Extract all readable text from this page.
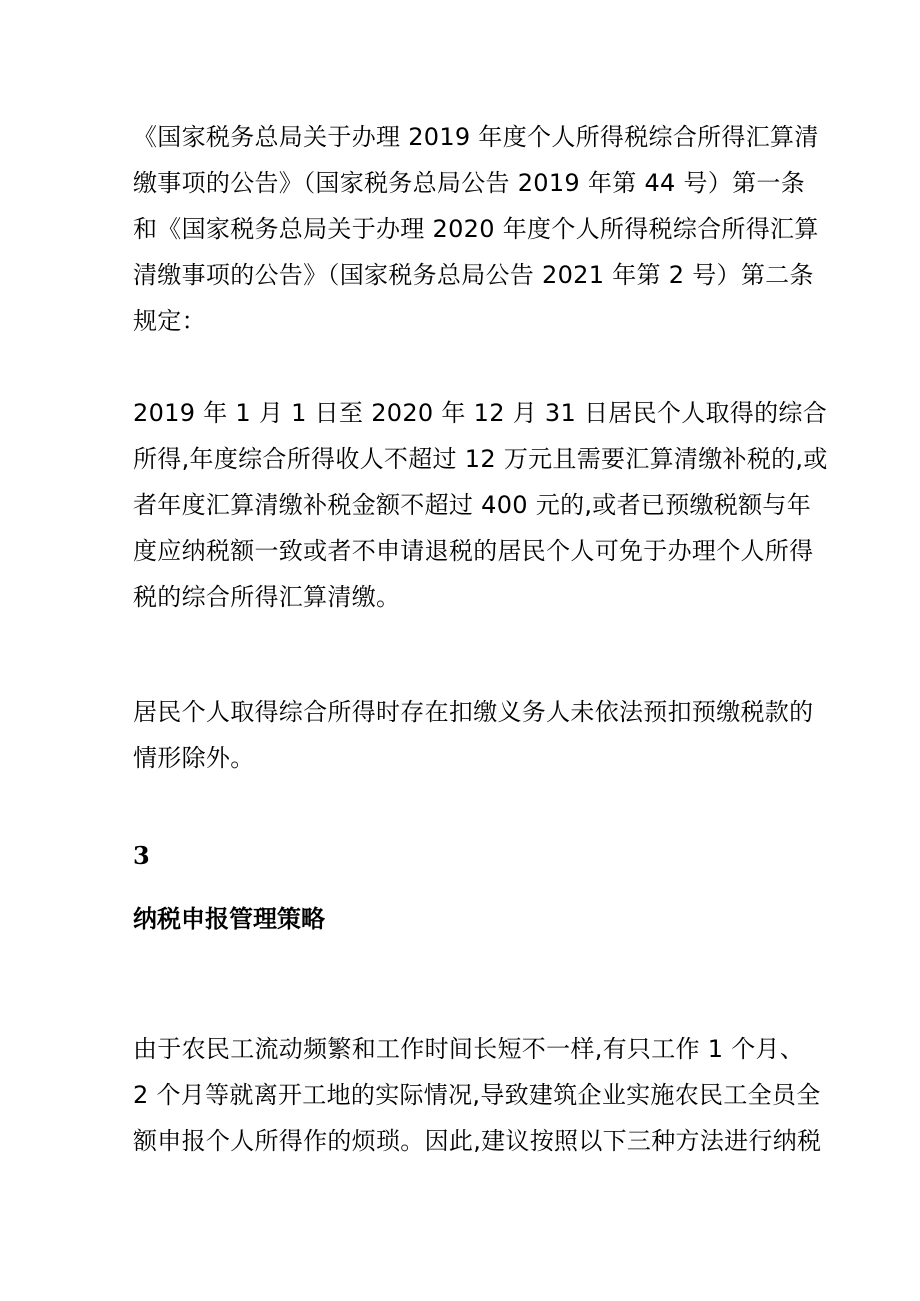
《国家税务总局关于办理 2019 年度个人所得税综合所得汇算清
缴事项的公告》（国家税务总局公告 2019 年第 44 号）第一条
和《国家税务总局关于办理 2020 年度个人所得税综合所得汇算
清缴事项的公告》（国家税务总局公告 2021 年第 2 号）第二条
规定：

2019 年 1 月 1 日至 2020 年 12 月 31 日居民个人取得的综合
所得,年度综合所得收人不超过 12 万元且需要汇算清缴补税的,或
者年度汇算清缴补税金额不超过 400 元的,或者已预缴税额与年
度应纳税额一致或者不申请退税的居民个人可免于办理个人所得
税的综合所得汇算清缴。

居民个人取得综合所得时存在扣缴义务人未依法预扣预缴税款的
情形除外。

3
纳税申报管理策略

由于农民工流动频繁和工作时间长短不一样,有只工作 1 个月、
2 个月等就离开工地的实际情况,导致建筑企业实施农民工全员全
额申报个人所得作的烦琐。因此,建议按照以下三种方法进行纳税
